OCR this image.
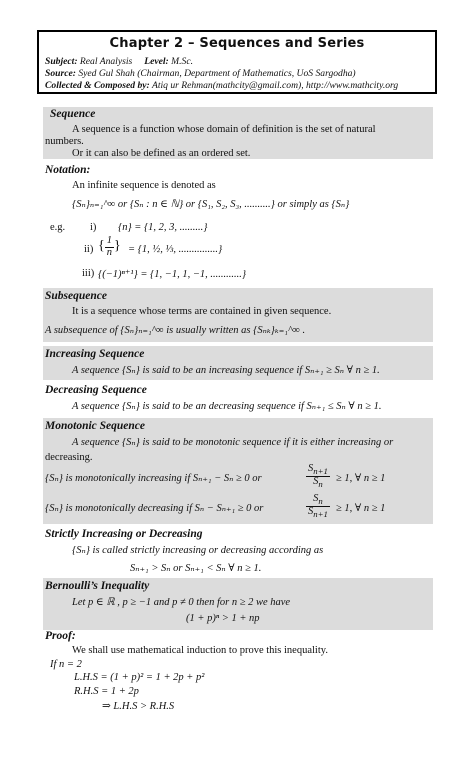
Chapter 2 – Sequences and Series
Subject: Real Analysis Level: M.Sc.
Source: Syed Gul Shah (Chairman, Department of Mathematics, UoS Sargodha)
Collected & Composed by: Atiq ur Rehman(mathcity@gmail.com), http://www.mathcity.org
Sequence
A sequence is a function whose domain of definition is the set of natural
numbers.
Or it can also be defined as an ordered set.
Notation:
An infinite sequence is denoted as
{Sₙ}ₙ₌₁^∞ or {Sₙ : n ∈ ℕ} or {S₁, S₂, S₃, ..........} or simply as {Sₙ}
e.g. i) {n} = {1, 2, 3, .........}
ii) { $\frac{1}{n}$ } = {1, ½, ⅓, ...............}
iii) {(−1)ⁿ⁺¹} = {1, −1, 1, −1, ............}
Subsequence
It is a sequence whose terms are contained in given sequence.
A subsequence of {Sₙ}ₙ₌₁^∞ is usually written as {Sₙₖ}ₖ₌₁^∞ .
Increasing Sequence
A sequence {Sₙ} is said to be an increasing sequence if Sₙ₊₁ ≥ Sₙ ∀ n ≥ 1.
Decreasing Sequence
A sequence {Sₙ} is said to be an decreasing sequence if Sₙ₊₁ ≤ Sₙ ∀ n ≥ 1.
Monotonic Sequence
A sequence {Sₙ} is said to be monotonic sequence if it is either increasing or
decreasing.
{Sₙ} is monotonically increasing if Sₙ₊₁ − Sₙ ≥ 0 or	$\frac{S_{n+1}}{S_n} \ge 1$, ∀ n ≥ 1
{Sₙ} is monotonically decreasing if Sₙ − Sₙ₊₁ ≥ 0 or	$\frac{S_n}{S_{n+1}} \ge 1$, ∀ n ≥ 1
Strictly Increasing or Decreasing
{Sₙ} is called strictly increasing or decreasing according as
Sₙ₊₁ > Sₙ or Sₙ₊₁ < Sₙ ∀ n ≥ 1.
Bernoulli’s Inequality
Let p ∈ ℝ , p ≥ −1 and p ≠ 0 then for n ≥ 2 we have
(1 + p)ⁿ > 1 + np
Proof:
We shall use mathematical induction to prove this inequality.
If n = 2
L.H.S = (1 + p)² = 1 + 2p + p²
R.H.S = 1 + 2p
⇒ L.H.S > R.H.S
